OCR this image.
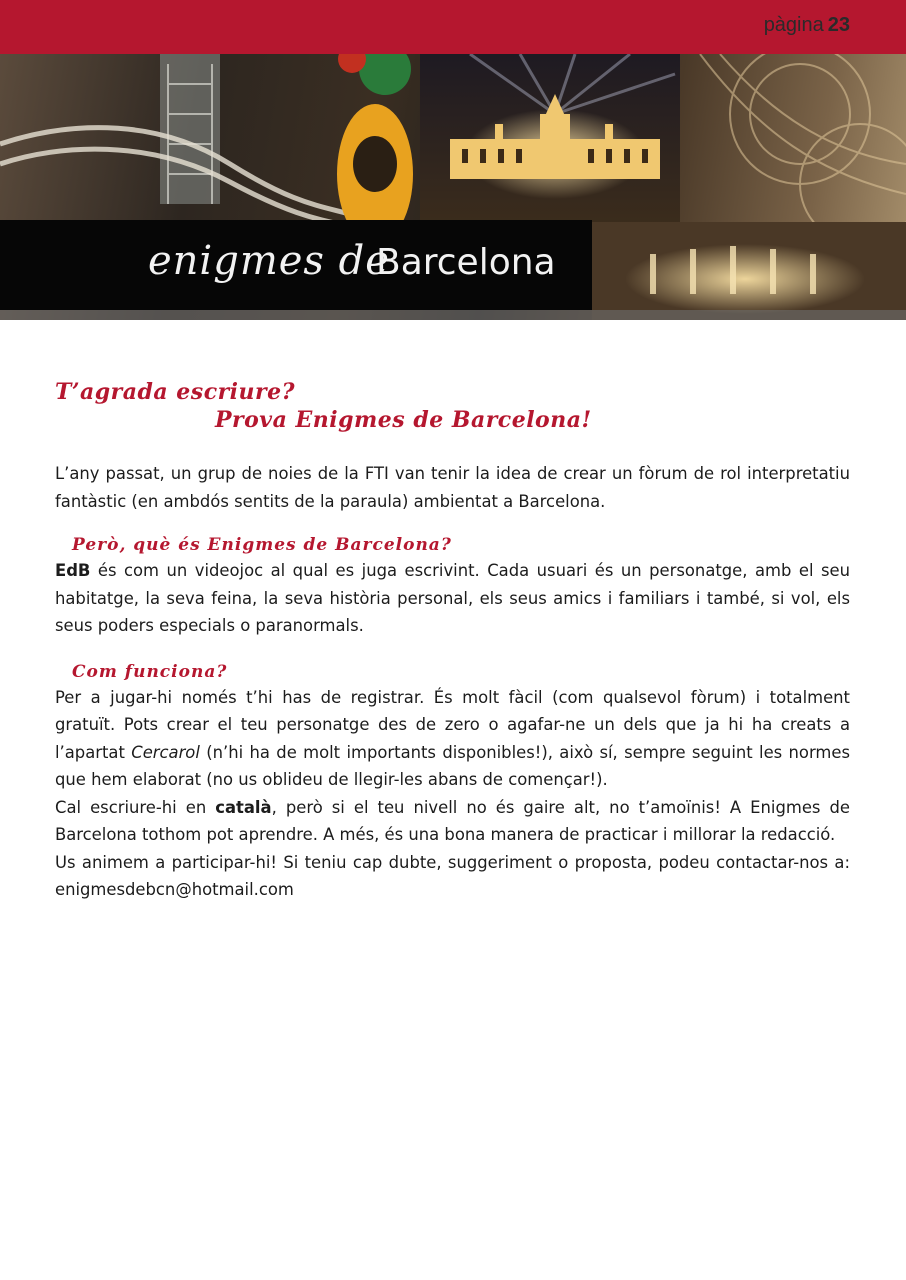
pàgina 23
enigmes de
Barcelona
T’agrada escriure?
Prova Enigmes de Barcelona!

L’any passat, un grup de noies de la FTI van tenir la idea de crear un fòrum de rol interpretatiu fantàstic (en ambdós sentits de la paraula) ambientat a Barcelona.

Però, què és Enigmes de Barcelona?

EdB és com un videojoc al qual es juga escrivint. Cada usuari és un personatge, amb el seu habitatge, la seva feina, la seva història personal, els seus amics i familiars i també, si vol, els seus poders especials o paranormals.

Com funciona?

Per a jugar-hi només t’hi has de registrar. És molt fàcil (com qualsevol fòrum) i totalment gratuït. Pots crear el teu personatge des de zero o agafar-ne un dels que ja hi ha creats a l’apartat Cercarol (n’hi ha de molt importants disponibles!), això sí, sempre seguint les normes que hem elaborat (no us oblideu de llegir-les abans de començar!).

Cal escriure-hi en català, però si el teu nivell no és gaire alt, no t’amoïnis! A Enigmes de Barcelona tothom pot aprendre. A més, és una bona manera de practicar i millorar la redacció.

Us animem a participar-hi! Si teniu cap dubte, suggeriment o proposta, podeu contactar-nos a: enigmesdebcn@hotmail.com
